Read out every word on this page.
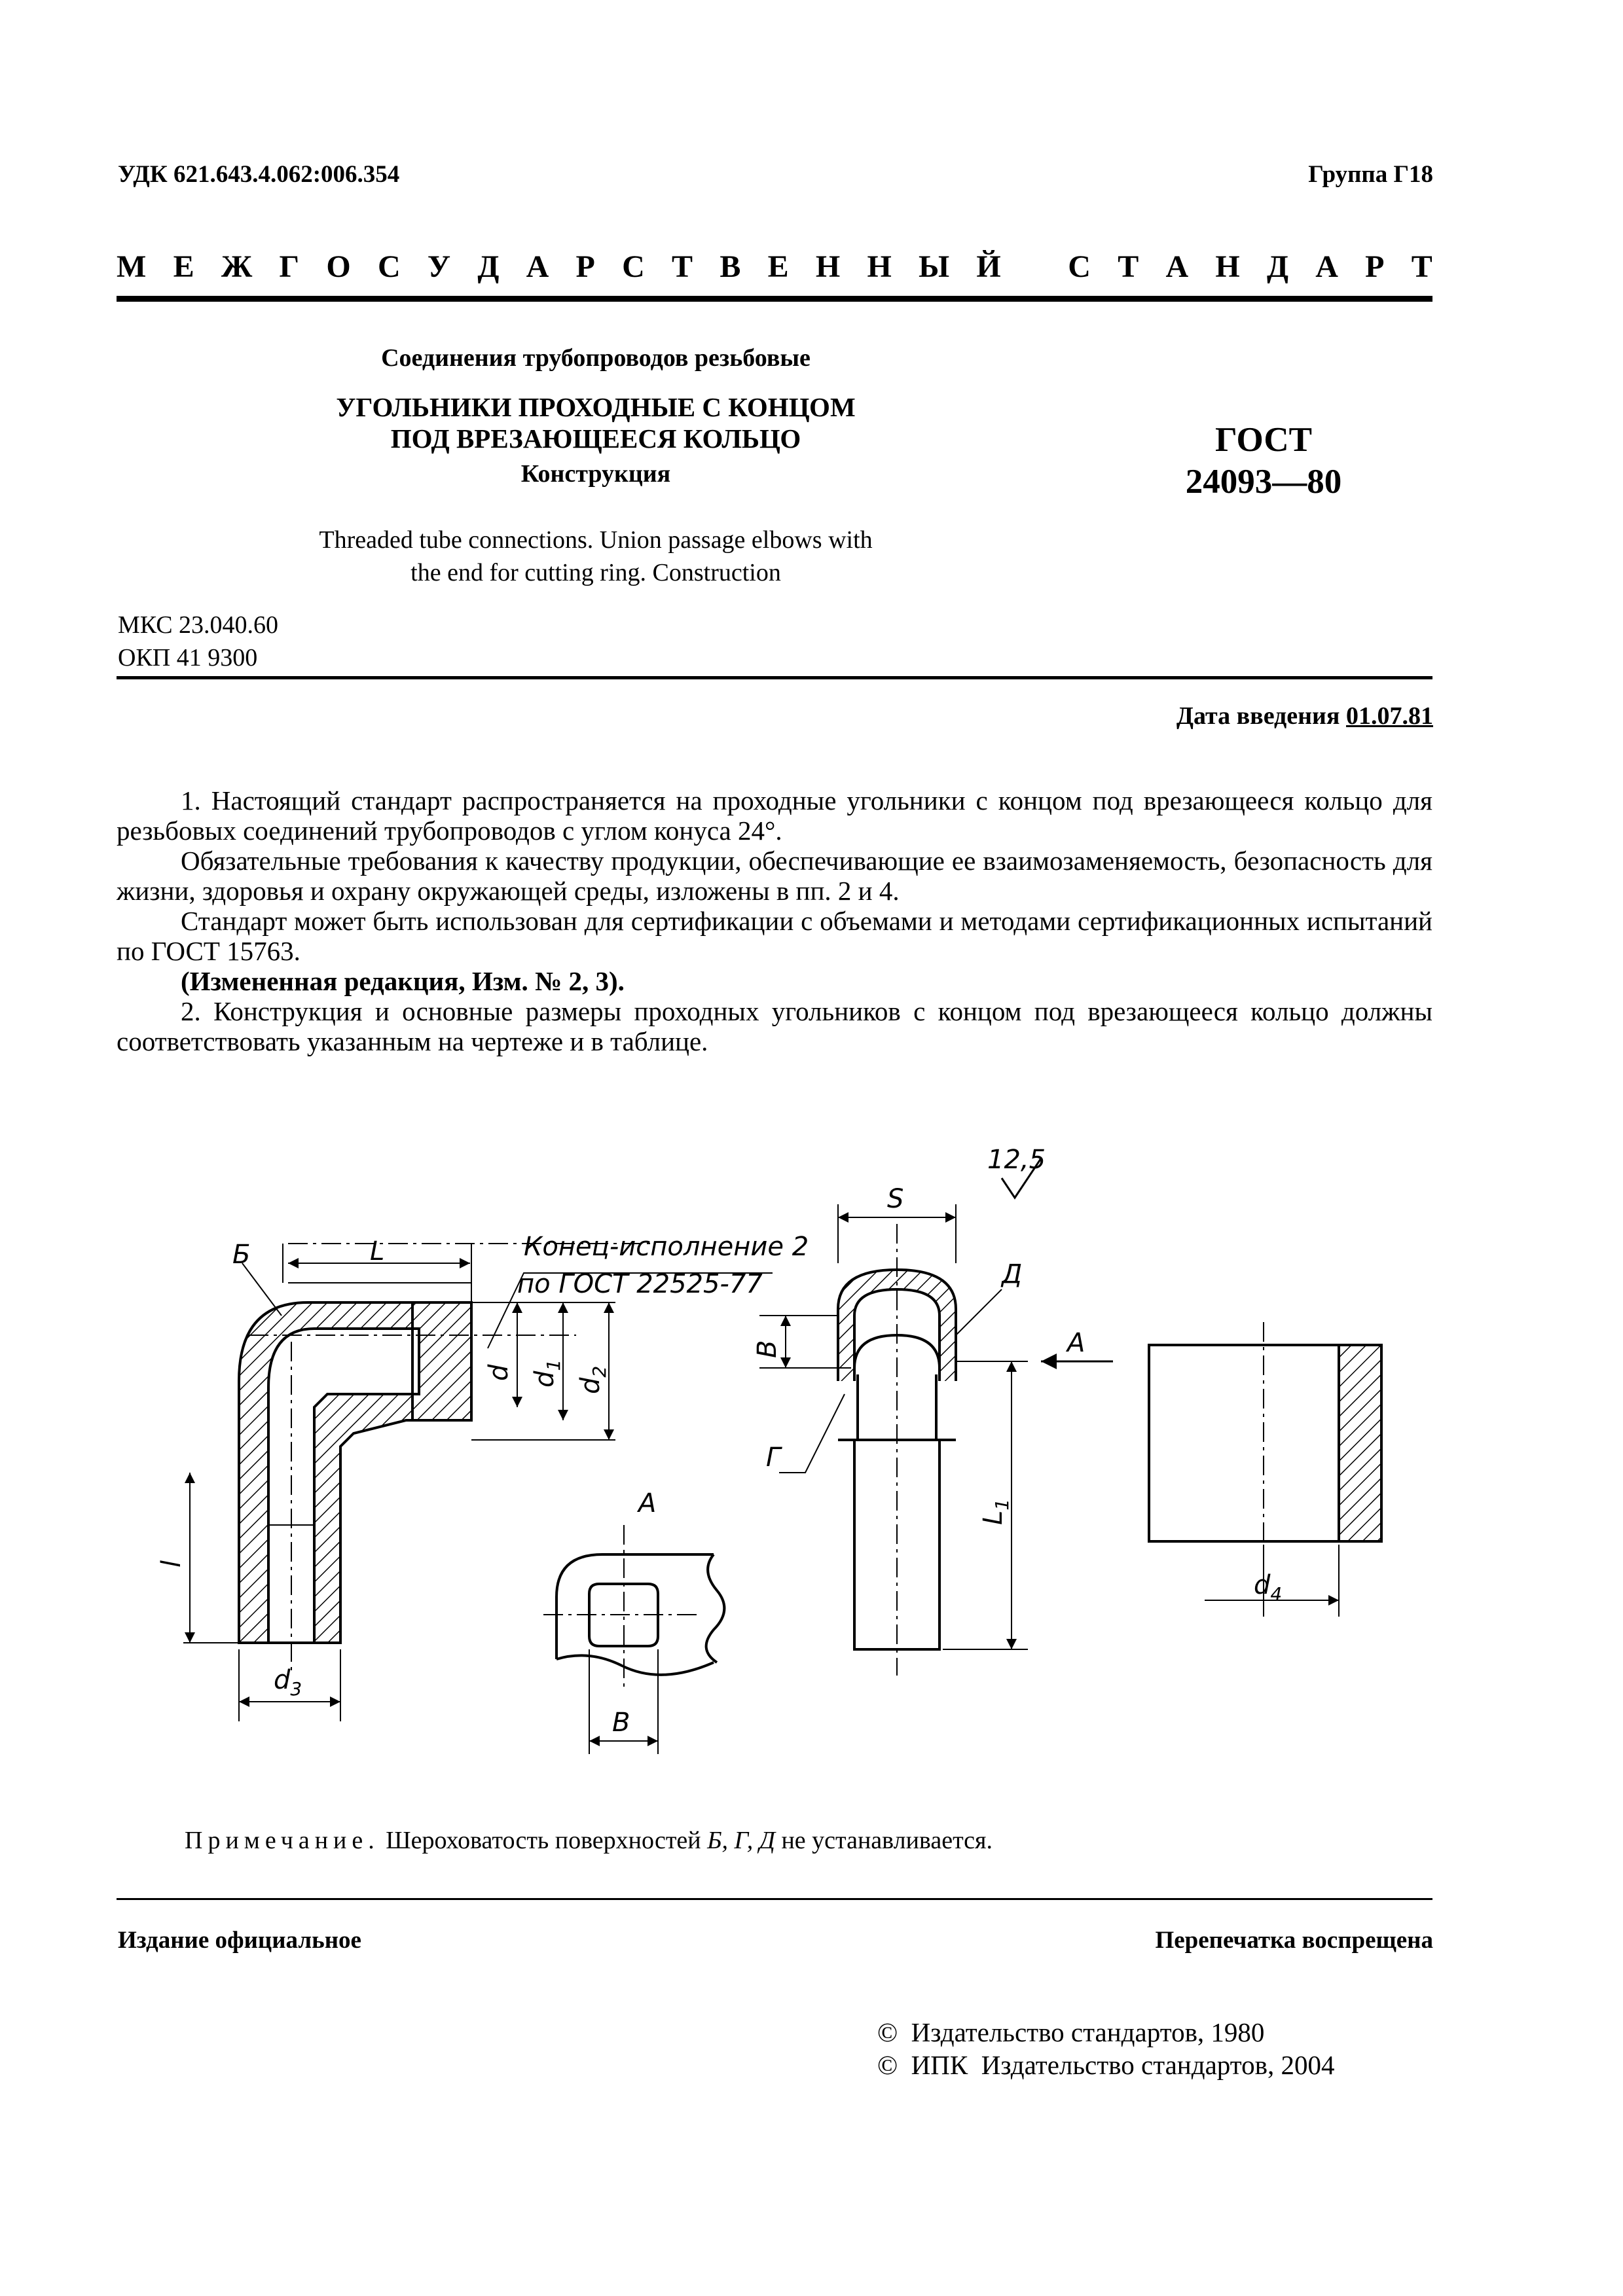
УДК 621.643.4.062:006.354	Группа Г18
М Е Ж Г О С У Д А Р С Т В Е Н Н Ы Й С Т А Н Д А Р Т
Соединения трубопроводов резьбовые
УГОЛЬНИКИ ПРОХОДНЫЕ С КОНЦОМ
ПОД ВРЕЗАЮЩЕЕСЯ КОЛЬЦО
Конструкция
Threaded tube connections. Union passage elbows with
the end for cutting ring. Construction
ГОСТ
24093—80
МКС 23.040.60
ОКП 41 9300
Дата введения 01.07.81

1. Настоящий стандарт распространяется на проходные угольники с концом под врезающееся кольцо для резьбовых соединений трубопроводов с углом конуса 24°.

Обязательные требования к качеству продукции, обеспечивающие ее взаимозаменяемость, безопасность для жизни, здоровья и охрану окружающей среды, изложены в пп. 2 и 4.

Стандарт может быть использован для сертификации с объемами и методами сертификационных испытаний по ГОСТ 15763.

(Измененная редакция, Изм. № 2, 3).

2. Конструкция и основные размеры проходных угольников с концом под врезающееся кольцо должны соответствовать указанным на чертеже и в таблице.

12,5
Б	L	Конец-исполнение 2
по ГОСТ 22525-77
d $d_1$
$d_2$
l
$d_3$
A
B
S
Д
B
Г
A
$L_1$
$d_4$
Примечание. Шероховатость поверхностей Б, Г, Д не устанавливается.
Издание официальное	Перепечатка воспрещена
©  Издательство стандартов, 1980
©  ИПК  Издательство стандартов, 2004
